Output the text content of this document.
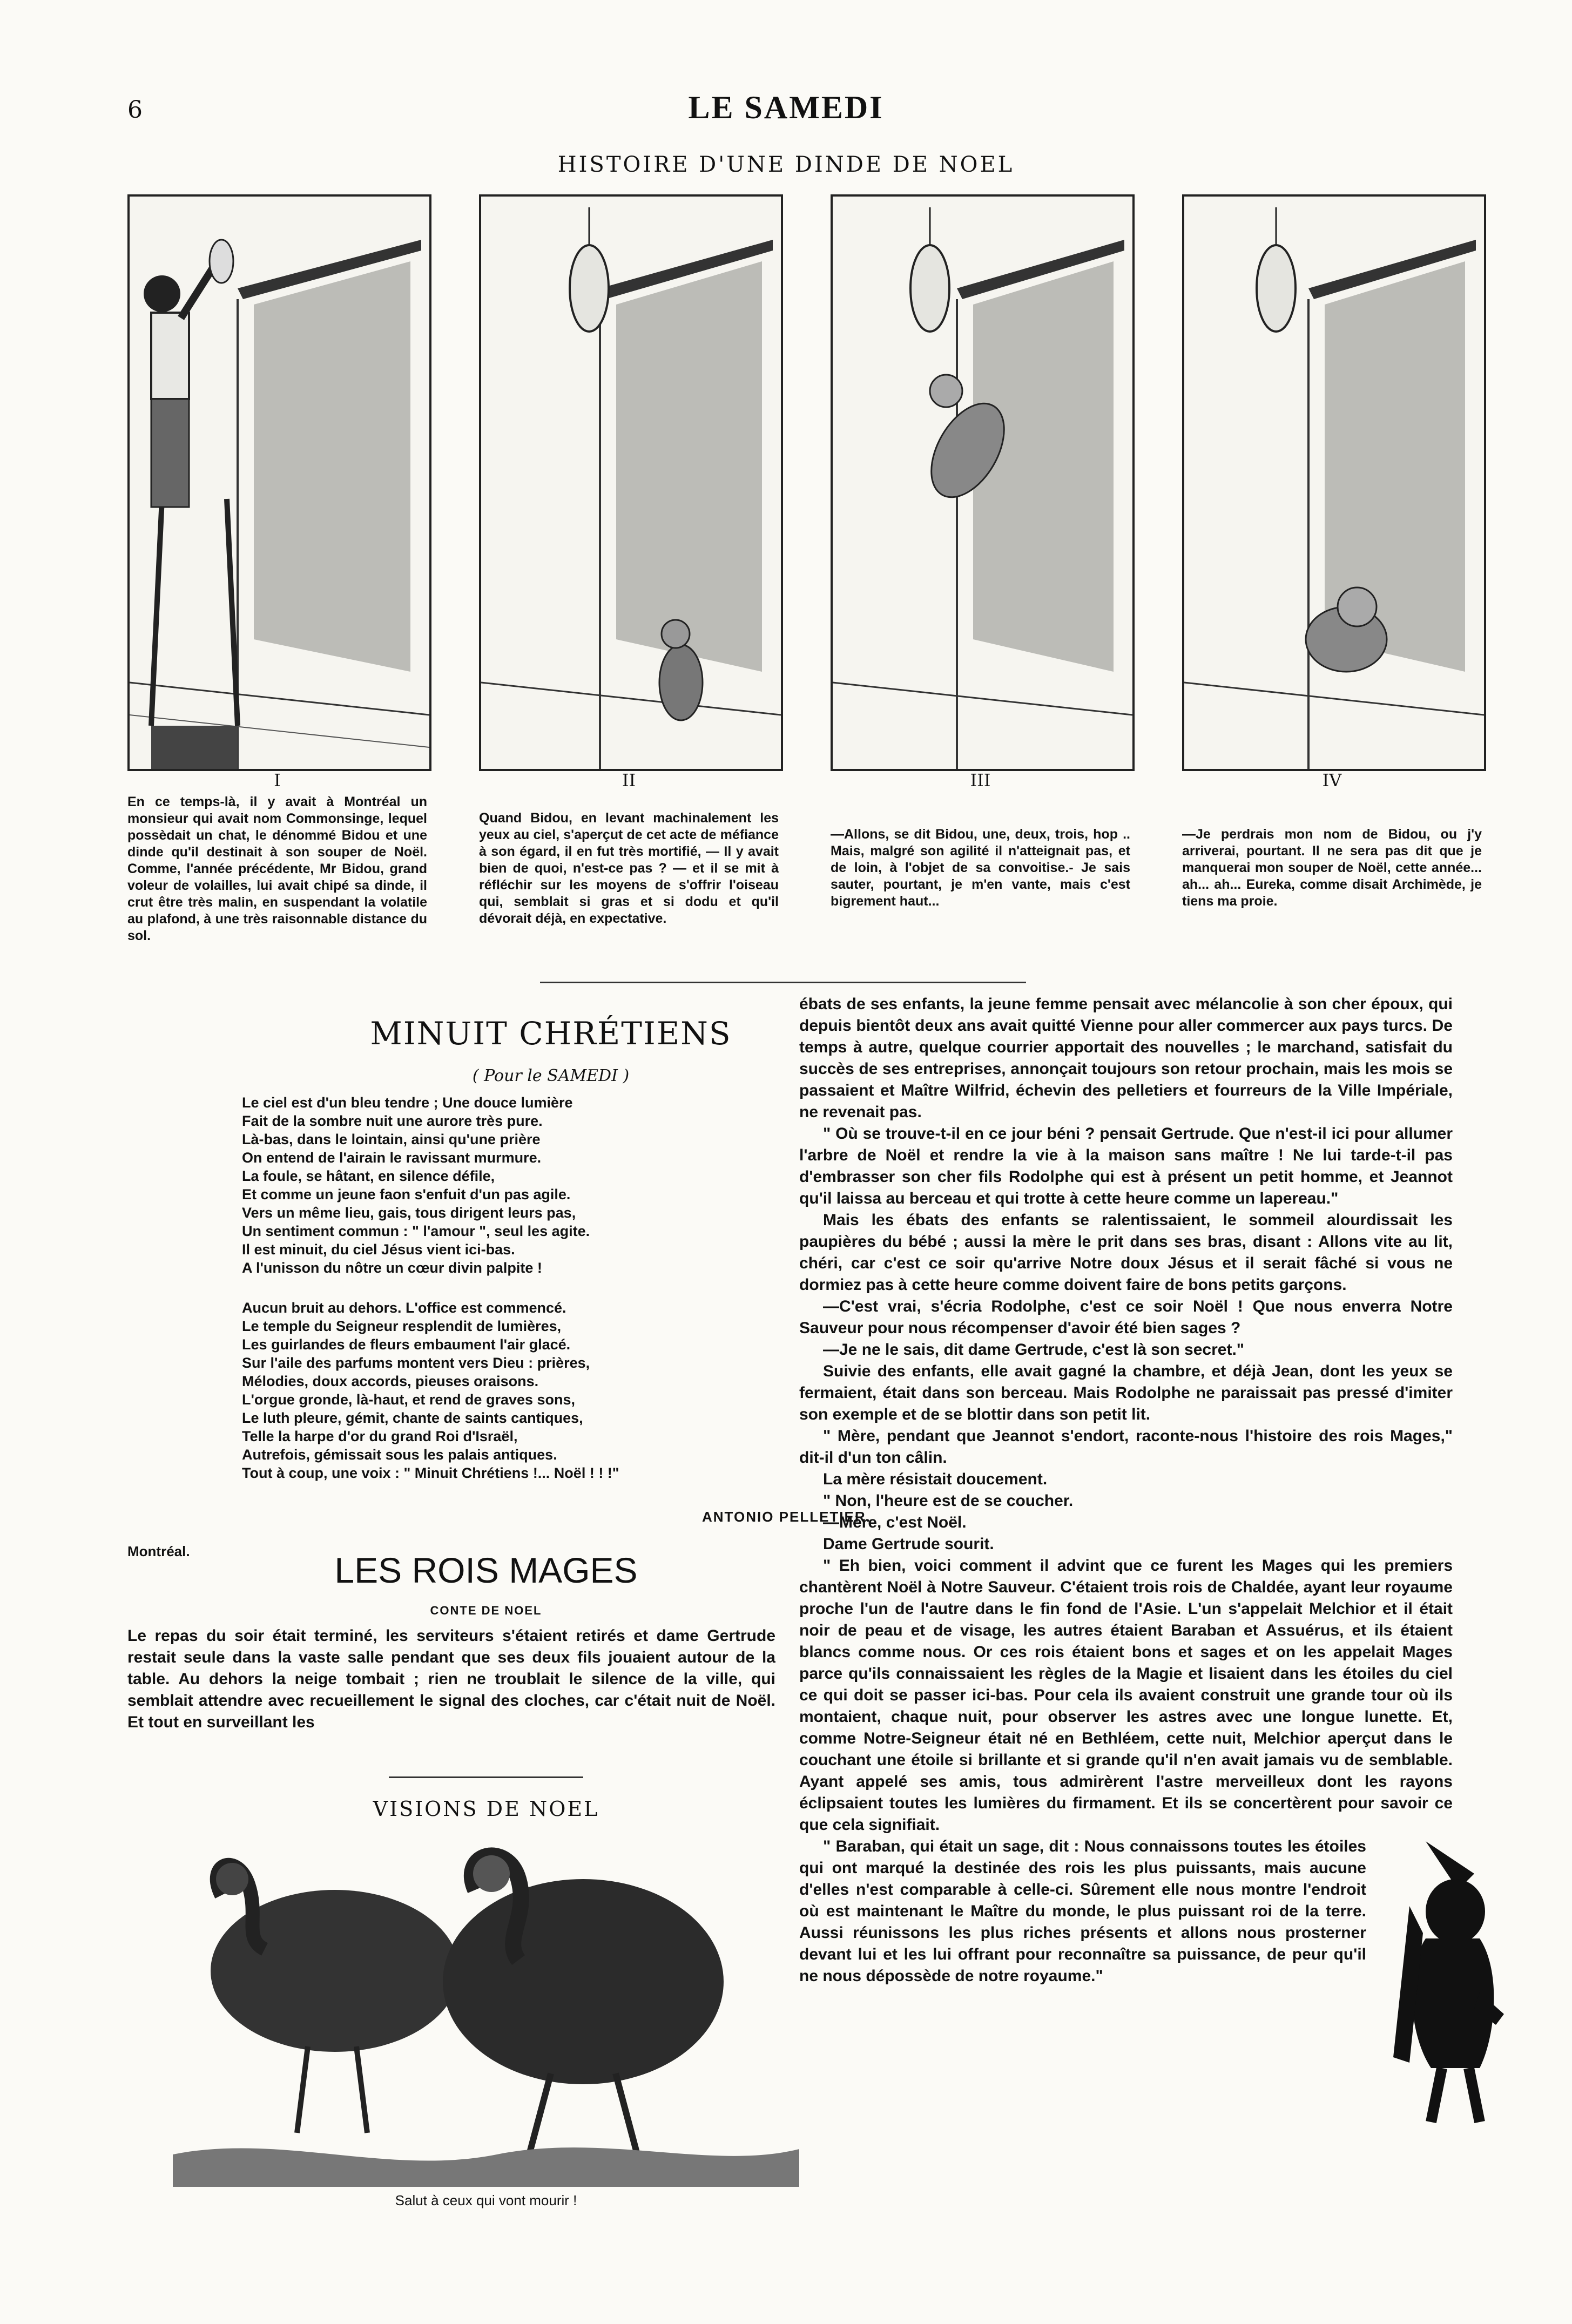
6	LE SAMEDI
HISTOIRE D'UNE DINDE DE NOEL
I	II	III	IV
En ce temps-là, il y avait à Montréal un monsieur qui avait nom Commonsinge, lequel possèdait un chat, le dénommé Bidou et une dinde qu'il destinait à son souper de Noël. Comme, l'année précédente, Mr Bidou, grand voleur de volailles, lui avait chipé sa dinde, il crut être très malin, en suspendant la volatile au plafond, à une très raisonnable distance du sol.
Quand Bidou, en levant machinalement les yeux au ciel, s'aperçut de cet acte de méfiance à son égard, il en fut très mortifié, — Il y avait bien de quoi, n'est-ce pas ? — et il se mit à réfléchir sur les moyens de s'offrir l'oiseau qui, semblait si gras et si dodu et qu'il dévorait déjà, en expectative.
—Allons, se dit Bidou, une, deux, trois, hop .. Mais, malgré son agilité il n'atteignait pas, et de loin, à l'objet de sa convoitise.- Je sais sauter, pourtant, je m'en vante, mais c'est bigrement haut...
—Je perdrais mon nom de Bidou, ou j'y arriverai, pourtant. Il ne sera pas dit que je manquerai mon souper de Noël, cette année... ah... ah... Eureka, comme disait Archimède, je tiens ma proie.
MINUIT CHRÉTIENS
( Pour le SAMEDI )

Le ciel est d'un bleu tendre ; Une douce lumière

Fait de la sombre nuit une aurore très pure.

Là-bas, dans le lointain, ainsi qu'une prière

On entend de l'airain le ravissant murmure.

La foule, se hâtant, en silence défile,

Et comme un jeune faon s'enfuit d'un pas agile.

Vers un même lieu, gais, tous dirigent leurs pas,

Un sentiment commun : " l'amour ", seul les agite.

Il est minuit, du ciel Jésus vient ici-bas.

A l'unisson du nôtre un cœur divin palpite !

Aucun bruit au dehors. L'office est commencé.

Le temple du Seigneur resplendit de lumières,

Les guirlandes de fleurs embaument l'air glacé.

Sur l'aile des parfums montent vers Dieu : prières,

Mélodies, doux accords, pieuses oraisons.

L'orgue gronde, là-haut, et rend de graves sons,

Le luth pleure, gémit, chante de saints cantiques,

Telle la harpe d'or du grand Roi d'Israël,

Autrefois, gémissait sous les palais antiques.

Tout à coup, une voix : " Minuit Chrétiens !... Noël ! ! !"

ANTONIO PELLETIER.
Montréal.	LES ROIS MAGES
CONTE DE NOEL
Le repas du soir était terminé, les serviteurs s'étaient retirés et dame Gertrude restait seule dans la vaste salle pendant que ses deux fils jouaient autour de la table. Au dehors la neige tombait ; rien ne troublait le silence de la ville, qui semblait attendre avec recueillement le signal des cloches, car c'était nuit de Noël. Et tout en surveillant les
VISIONS DE NOEL
Salut à ceux qui vont mourir !

ébats de ses enfants, la jeune femme pensait avec mélancolie à son cher époux, qui depuis bientôt deux ans avait quitté Vienne pour aller commercer aux pays turcs. De temps à autre, quelque courrier apportait des nouvelles ; le marchand, satisfait du succès de ses entreprises, annonçait toujours son retour prochain, mais les mois se passaient et Maître Wilfrid, échevin des pelletiers et fourreurs de la Ville Impériale, ne revenait pas.

" Où se trouve-t-il en ce jour béni ? pensait Gertrude. Que n'est-il ici pour allumer l'arbre de Noël et rendre la vie à la maison sans maître ! Ne lui tarde-t-il pas d'embrasser son cher fils Rodolphe qui est à présent un petit homme, et Jeannot qu'il laissa au berceau et qui trotte à cette heure comme un lapereau."

Mais les ébats des enfants se ralentissaient, le sommeil alourdissait les paupières du bébé ; aussi la mère le prit dans ses bras, disant : Allons vite au lit, chéri, car c'est ce soir qu'arrive Notre doux Jésus et il serait fâché si vous ne dormiez pas à cette heure comme doivent faire de bons petits garçons.

—C'est vrai, s'écria Rodolphe, c'est ce soir Noël ! Que nous enverra Notre Sauveur pour nous récompenser d'avoir été bien sages ?

—Je ne le sais, dit dame Gertrude, c'est là son secret."

Suivie des enfants, elle avait gagné la chambre, et déjà Jean, dont les yeux se fermaient, était dans son berceau. Mais Rodolphe ne paraissait pas pressé d'imiter son exemple et de se blottir dans son petit lit.

" Mère, pendant que Jeannot s'endort, raconte-nous l'histoire des rois Mages," dit-il d'un ton câlin.

La mère résistait doucement.

" Non, l'heure est de se coucher.

—Mère, c'est Noël.

Dame Gertrude sourit.

" Eh bien, voici comment il advint que ce furent les Mages qui les premiers chantèrent Noël à Notre Sauveur. C'étaient trois rois de Chaldée, ayant leur royaume proche l'un de l'autre dans le fin fond de l'Asie. L'un s'appelait Melchior et il était noir de peau et de visage, les autres étaient Baraban et Assuérus, et ils étaient blancs comme nous. Or ces rois étaient bons et sages et on les appelait Mages parce qu'ils connaissaient les règles de la Magie et lisaient dans les étoiles du ciel ce qui doit se passer ici-bas. Pour cela ils avaient construit une grande tour où ils montaient, chaque nuit, pour observer les astres avec une longue lunette. Et, comme Notre-Seigneur était né en Bethléem, cette nuit, Melchior aperçut dans le couchant une étoile si brillante et si grande qu'il n'en avait jamais vu de semblable. Ayant appelé ses amis, tous admirèrent l'astre merveilleux dont les rayons éclipsaient toutes les lumières du firmament. Et ils se concertèrent pour savoir ce que cela signifiait.

" Baraban, qui était un sage, dit : Nous connaissons toutes les étoiles qui ont marqué la destinée des rois les plus puissants, mais aucune d'elles n'est comparable à celle-ci. Sûrement elle nous montre l'endroit où est maintenant le Maître du monde, le plus puissant roi de la terre. Aussi réunissons les plus riches présents et allons nous prosterner devant lui et les lui offrant pour reconnaître sa puissance, de peur qu'il ne nous dépossède de notre royaume."
